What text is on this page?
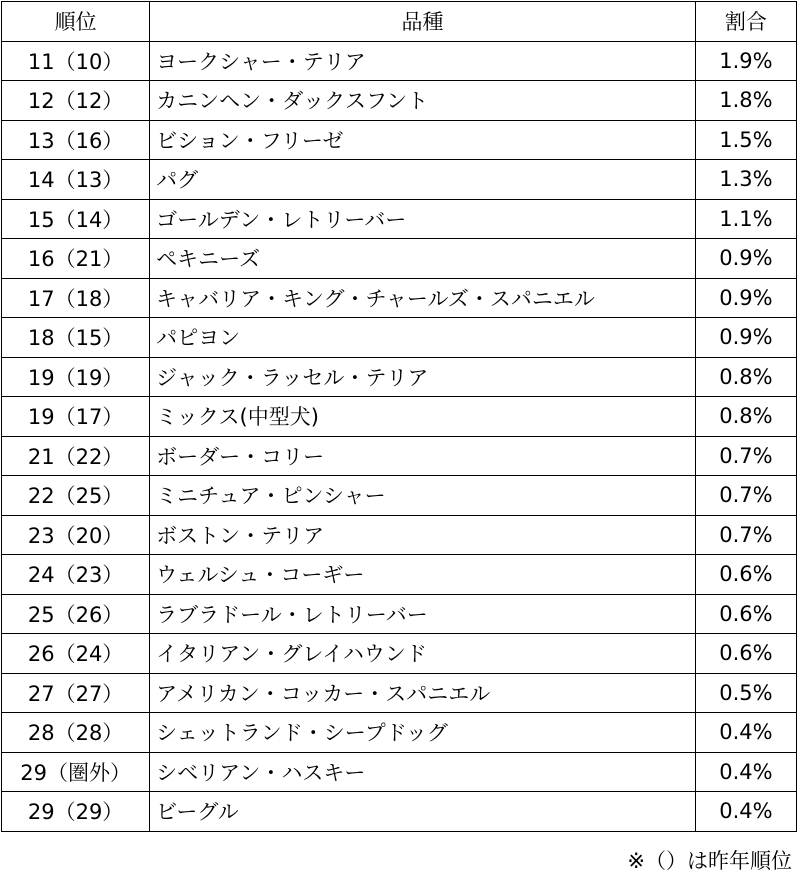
順位	品種	割合
11（10）	ヨークシャー・テリア	1.9%
12（12）	カニンヘン・ダックスフント	1.8%
13（16）	ビション・フリーゼ	1.5%
14（13）	パグ	1.3%
15（14）	ゴールデン・レトリーバー	1.1%
16（21）	ペキニーズ	0.9%
17（18）	キャバリア・キング・チャールズ・スパニエル	0.9%
18（15）	パピヨン	0.9%
19（19）	ジャック・ラッセル・テリア	0.8%
19（17）	ミックス(中型犬)	0.8%
21（22）	ボーダー・コリー	0.7%
22（25）	ミニチュア・ピンシャー	0.7%
23（20）	ボストン・テリア	0.7%
24（23）	ウェルシュ・コーギー	0.6%
25（26）	ラブラドール・レトリーバー	0.6%
26（24）	イタリアン・グレイハウンド	0.6%
27（27）	アメリカン・コッカー・スパニエル	0.5%
28（28）	シェットランド・シープドッグ	0.4%
29（圏外）	シベリアン・ハスキー	0.4%
29（29）	ビーグル	0.4%
※（）は昨年順位
